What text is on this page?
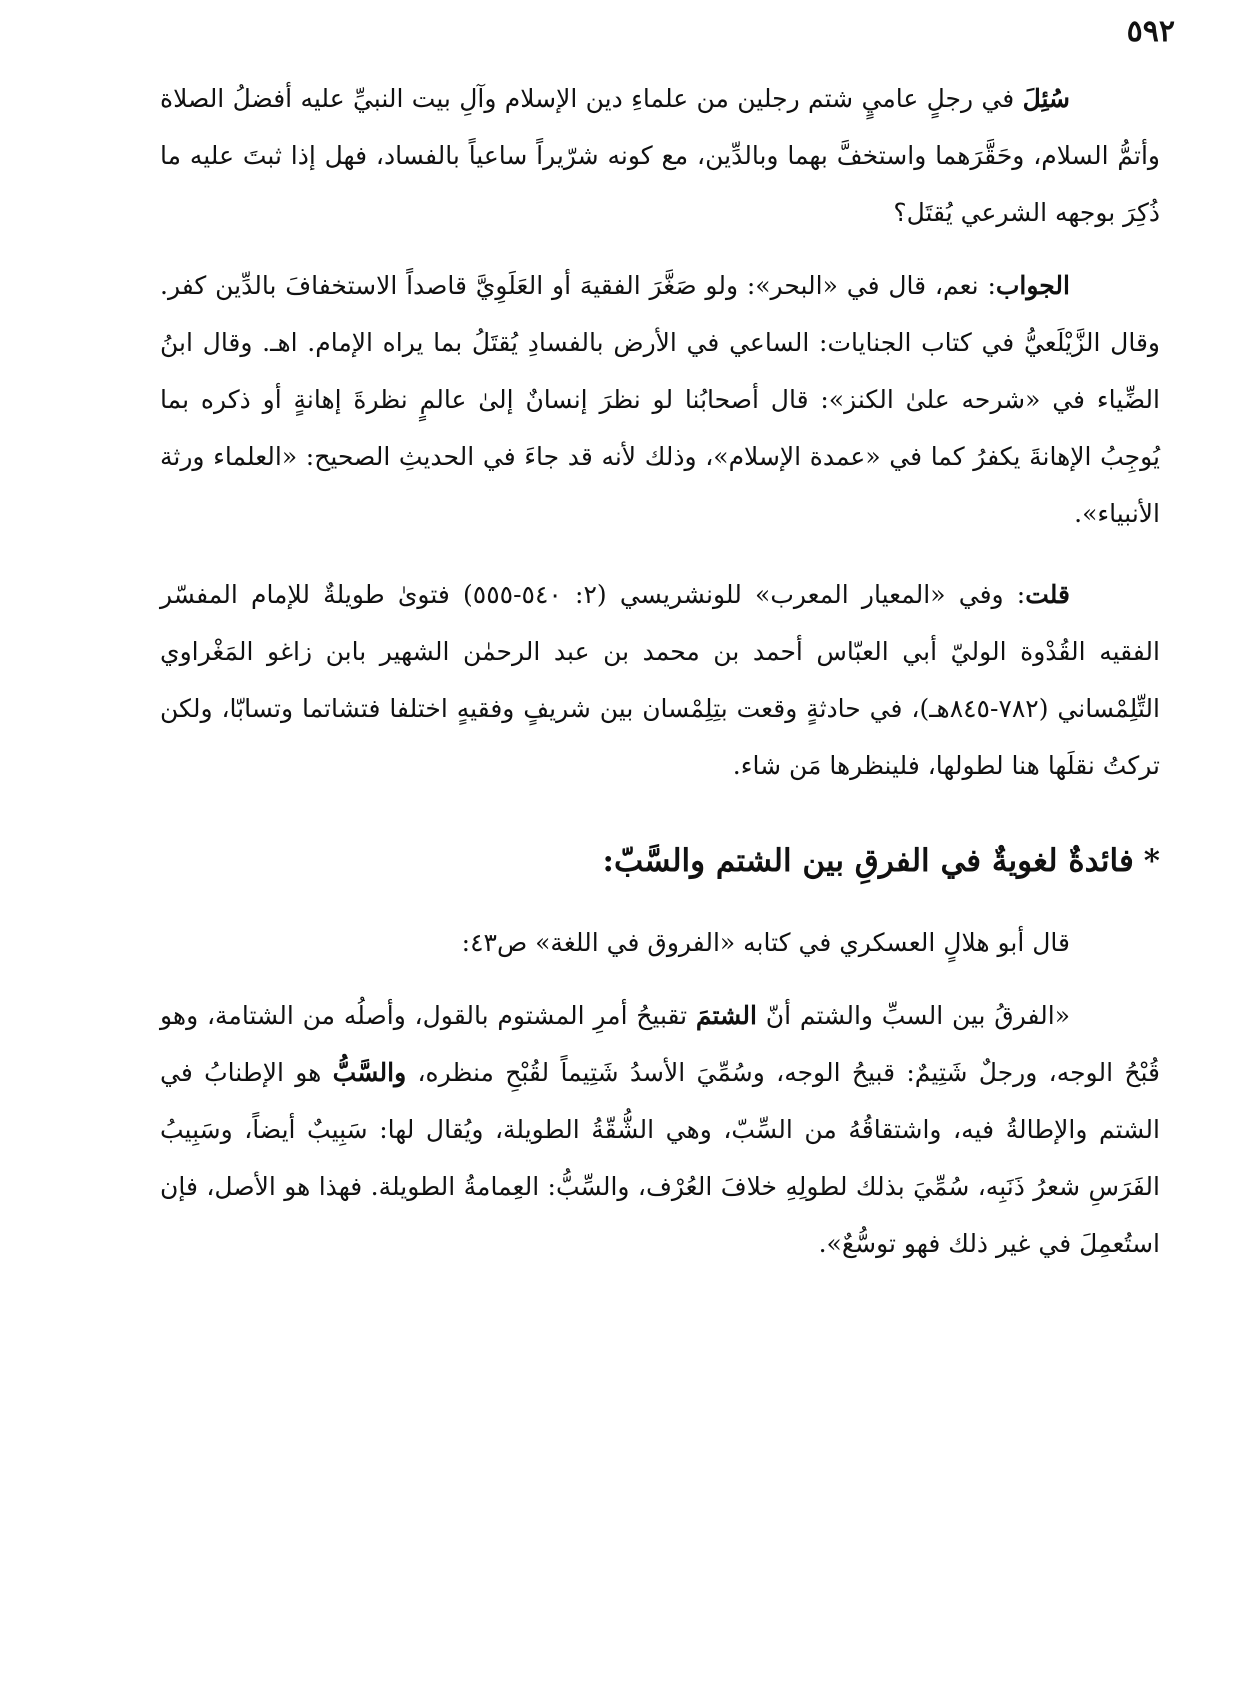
٥٩٢

سُئِلَ في رجلٍ عاميٍ شتم رجلين من علماءِ دين الإسلام وآلِ بيت النبيِّ عليه أفضلُ الصلاة وأتمُّ السلام، وحَقَّرَهما واستخفَّ بهما وبالدِّين، مع كونه شرّيراً ساعياً بالفساد، فهل إذا ثبتَ عليه ما ذُكِرَ بوجهه الشرعي يُقتَل؟

الجواب: نعم، قال في «البحر»: ولو صَغَّرَ الفقيهَ أو العَلَوِيَّ قاصداً الاستخفافَ بالدِّين كفر. وقال الزَّيْلَعيُّ في كتاب الجنايات: الساعي في الأرض بالفسادِ يُقتَلُ بما يراه الإمام. اهـ. وقال ابنُ الضِّياء في «شرحه علىٰ الكنز»: قال أصحابُنا لو نظرَ إنسانٌ إلىٰ عالمٍ نظرةَ إهانةٍ أو ذكره بما يُوجِبُ الإهانةَ يكفرُ كما في «عمدة الإسلام»، وذلك لأنه قد جاءَ في الحديثِ الصحيح: «العلماء ورثة الأنبياء».

قلت: وفي «المعيار المعرب» للونشريسي (٢: ٥٤٠-٥٥٥) فتوىٰ طويلةٌ للإمام المفسّر الفقيه القُدْوة الوليّ أبي العبّاس أحمد بن محمد بن عبد الرحمٰن الشهير بابن زاغو المَغْراوي التِّلِمْساني (٧٨٢-٨٤٥هـ)، في حادثةٍ وقعت بتِلِمْسان بين شريفٍ وفقيهٍ اختلفا فتشاتما وتسابّا، ولكن تركتُ نقلَها هنا لطولها، فلينظرها مَن شاء.

*فائدةٌ لغويةٌ في الفرقِ بين الشتم والسَّبّ:

قال أبو هلالٍ العسكري في كتابه «الفروق في اللغة» ص٤٣:

«الفرقُ بين السبِّ والشتم أنّ الشتمَ تقبيحُ أمرِ المشتوم بالقول، وأصلُه من الشتامة، وهو قُبْحُ الوجه، ورجلٌ شَتِيمٌ: قبيحُ الوجه، وسُمِّيَ الأسدُ شَتِيماً لقُبْحِ منظره، والسَّبُّ هو الإطنابُ في الشتم والإطالةُ فيه، واشتقاقُهُ من السِّبّ، وهي الشُّقّةُ الطويلة، ويُقال لها: سَبِيبٌ أيضاً، وسَبِيبُ الفَرَسِ شعرُ ذَنَبِه، سُمِّيَ بذلك لطولِهِ خلافَ العُرْف، والسِّبُّ: العِمامةُ الطويلة. فهذا هو الأصل، فإن استُعمِلَ في غير ذلك فهو توسُّعٌ».
